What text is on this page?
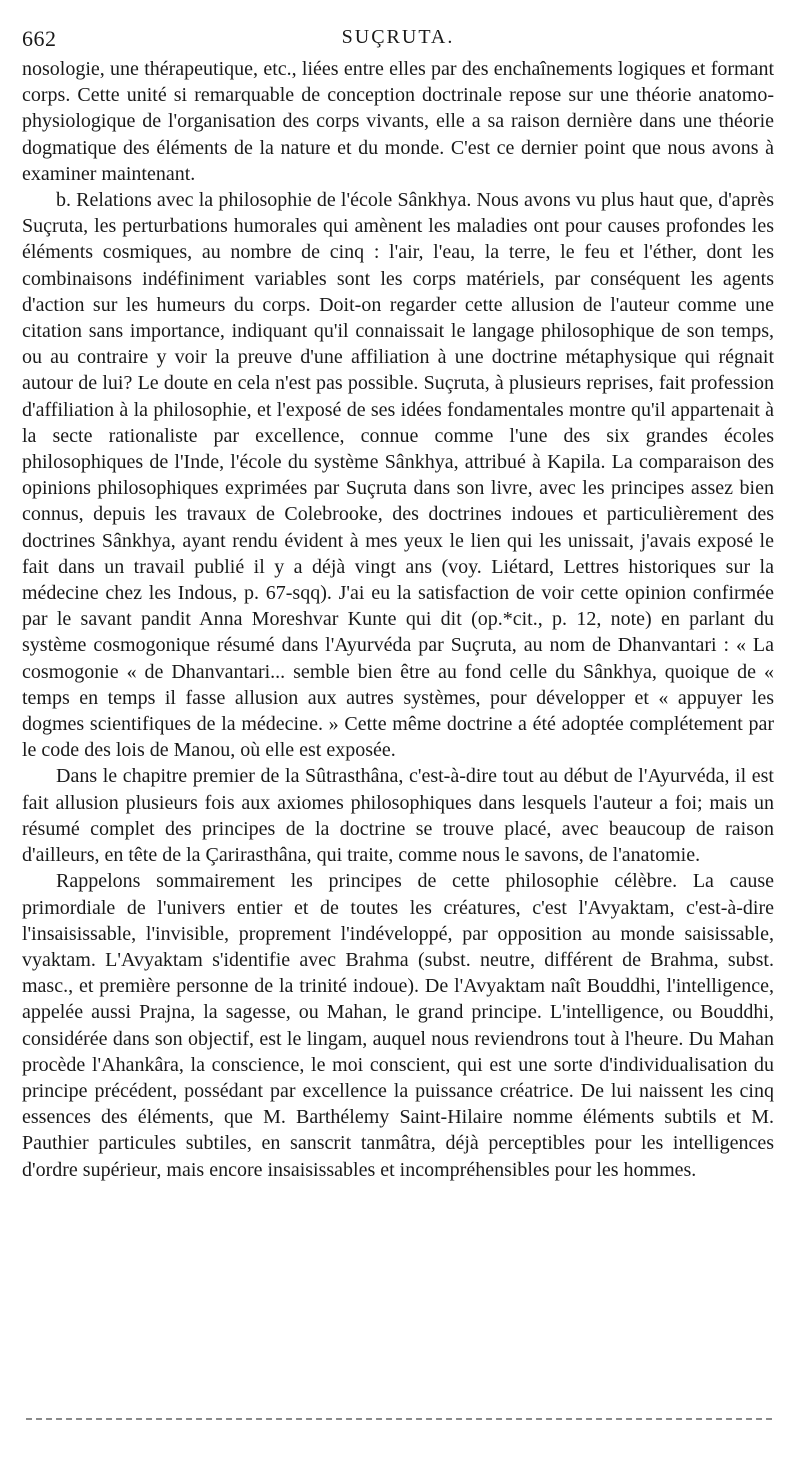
662	SUÇRUTA.

nosologie, une thérapeutique, etc., liées entre elles par des enchaînements logiques et formant corps. Cette unité si remarquable de conception doctrinale repose sur une théorie anatomo-physiologique de l'organisation des corps vivants, elle a sa raison dernière dans une théorie dogmatique des éléments de la nature et du monde. C'est ce dernier point que nous avons à examiner maintenant.

b. Relations avec la philosophie de l'école Sânkhya. Nous avons vu plus haut que, d'après Suçruta, les perturbations humorales qui amènent les maladies ont pour causes profondes les éléments cosmiques, au nombre de cinq : l'air, l'eau, la terre, le feu et l'éther, dont les combinaisons indéfiniment variables sont les corps matériels, par conséquent les agents d'action sur les humeurs du corps. Doit-on regarder cette allusion de l'auteur comme une citation sans importance, indiquant qu'il connaissait le langage philosophique de son temps, ou au contraire y voir la preuve d'une affiliation à une doctrine métaphysique qui régnait autour de lui? Le doute en cela n'est pas possible. Suçruta, à plusieurs reprises, fait profession d'affiliation à la philosophie, et l'exposé de ses idées fondamentales montre qu'il appartenait à la secte rationaliste par excellence, connue comme l'une des six grandes écoles philosophiques de l'Inde, l'école du système Sânkhya, attribué à Kapila. La comparaison des opinions philosophiques exprimées par Suçruta dans son livre, avec les principes assez bien connus, depuis les travaux de Colebrooke, des doctrines indoues et particulièrement des doctrines Sânkhya, ayant rendu évident à mes yeux le lien qui les unissait, j'avais exposé le fait dans un travail publié il y a déjà vingt ans (voy. Liétard, Lettres historiques sur la médecine chez les Indous, p. 67-sqq). J'ai eu la satisfaction de voir cette opinion confirmée par le savant pandit Anna Moreshvar Kunte qui dit (op.*cit., p. 12, note) en parlant du système cosmogonique résumé dans l'Ayurvéda par Suçruta, au nom de Dhanvantari : « La cosmogonie « de Dhanvantari... semble bien être au fond celle du Sânkhya, quoique de « temps en temps il fasse allusion aux autres systèmes, pour développer et « appuyer les dogmes scientifiques de la médecine. » Cette même doctrine a été adoptée complétement par le code des lois de Manou, où elle est exposée.

Dans le chapitre premier de la Sûtrasthâna, c'est-à-dire tout au début de l'Ayurvéda, il est fait allusion plusieurs fois aux axiomes philosophiques dans lesquels l'auteur a foi; mais un résumé complet des principes de la doctrine se trouve placé, avec beaucoup de raison d'ailleurs, en tête de la Çarirasthâna, qui traite, comme nous le savons, de l'anatomie.

Rappelons sommairement les principes de cette philosophie célèbre. La cause primordiale de l'univers entier et de toutes les créatures, c'est l'Avyaktam, c'est-à-dire l'insaisissable, l'invisible, proprement l'indéveloppé, par opposition au monde saisissable, vyaktam. L'Avyaktam s'identifie avec Brahma (subst. neutre, différent de Brahma, subst. masc., et première personne de la trinité indoue). De l'Avyaktam naît Bouddhi, l'intelligence, appelée aussi Prajna, la sagesse, ou Mahan, le grand principe. L'intelligence, ou Bouddhi, considérée dans son objectif, est le lingam, auquel nous reviendrons tout à l'heure. Du Mahan procède l'Ahankâra, la conscience, le moi conscient, qui est une sorte d'individualisation du principe précédent, possédant par excellence la puissance créatrice. De lui naissent les cinq essences des éléments, que M. Barthélemy Saint-Hilaire nomme éléments subtils et M. Pauthier particules subtiles, en sanscrit tanmâtra, déjà perceptibles pour les intelligences d'ordre supérieur, mais encore insaisissables et incompréhensibles pour les hommes.
